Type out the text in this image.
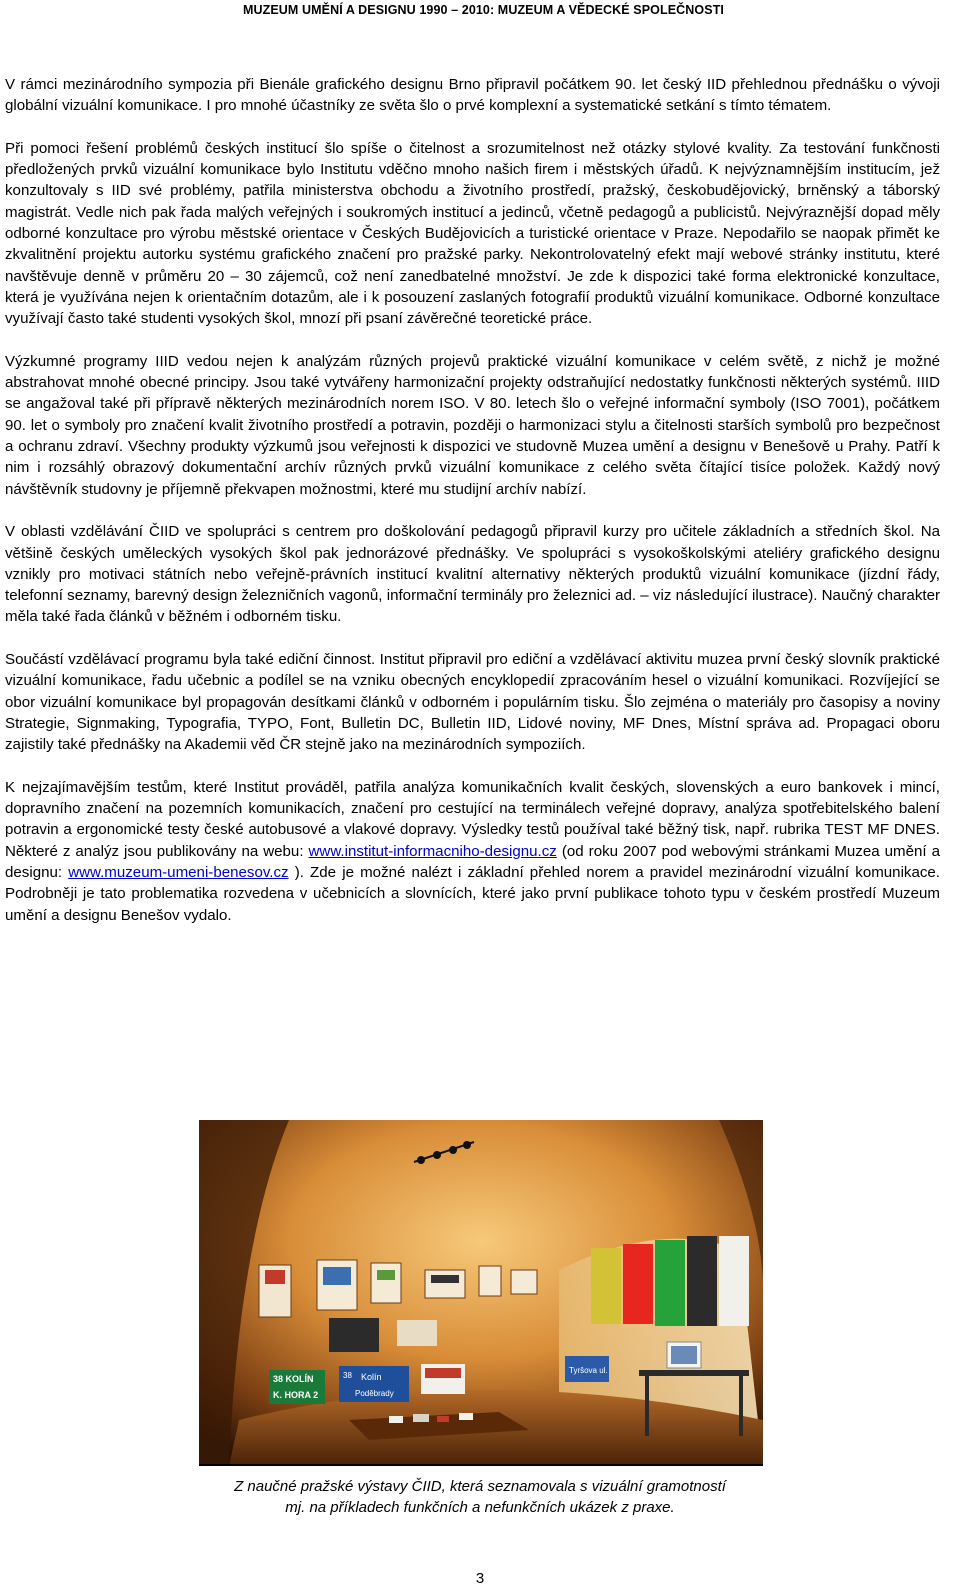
MUZEUM UMĚNÍ A DESIGNU 1990 – 2010: MUZEUM A VĚDECKÉ SPOLEČNOSTI

V rámci mezinárodního sympozia při Bienále grafického designu Brno připravil počátkem 90. let český IID přehlednou přednášku o vývoji globální vizuální komunikace. I pro mnohé účastníky ze světa šlo o prvé komplexní a systematické setkání s tímto tématem.

Při pomoci řešení problémů českých institucí šlo spíše o čitelnost a srozumitelnost než otázky stylové kvality. Za testování funkčnosti předložených prvků vizuální komunikace bylo Institutu vděčno mnoho našich firem i městských úřadů. K nejvýznamnějším institucím, jež konzultovaly s IID své problémy, patřila ministerstva obchodu a životního prostředí, pražský, českobudějovický, brněnský a táborský magistrát. Vedle nich pak řada malých veřejných i soukromých institucí a jedinců, včetně pedagogů a publicistů. Nejvýraznější dopad měly odborné konzultace pro výrobu městské orientace v Českých Budějovicích a turistické orientace v Praze. Nepodařilo se naopak přimět ke zkvalitnění projektu autorku systému grafického značení pro pražské parky. Nekontrolovatelný efekt mají webové stránky institutu, které navštěvuje denně v průměru 20 – 30 zájemců, což není zanedbatelné množství. Je zde k dispozici také forma elektronické konzultace, která je využívána nejen k orientačním dotazům, ale i k posouzení zaslaných fotografií produktů vizuální komunikace. Odborné konzultace využívají často také studenti vysokých škol, mnozí při psaní závěrečné teoretické práce.

Výzkumné programy IIID vedou nejen k analýzám různých projevů praktické vizuální komunikace v celém světě, z nichž je možné abstrahovat mnohé obecné principy. Jsou také vytvářeny harmonizační projekty odstraňující nedostatky funkčnosti některých systémů. IIID se angažoval také při přípravě některých mezinárodních norem ISO. V 80. letech šlo o veřejné informační symboly (ISO 7001), počátkem 90. let o symboly pro značení kvalit životního prostředí a potravin, později o harmonizaci stylu a čitelnosti starších symbolů pro bezpečnost a ochranu zdraví. Všechny produkty výzkumů jsou veřejnosti k dispozici ve studovně Muzea umění a designu v Benešově u Prahy. Patří k nim i rozsáhlý obrazový dokumentační archív různých prvků vizuální komunikace z celého světa čítající tisíce položek. Každý nový návštěvník studovny je příjemně překvapen možnostmi, které mu studijní archív nabízí.

V oblasti vzdělávání ČIID ve spolupráci s centrem pro doškolování pedagogů připravil kurzy pro učitele základních a středních škol. Na většině českých uměleckých vysokých škol pak jednorázové přednášky. Ve spolupráci s vysokoškolskými ateliéry grafického designu vznikly pro motivaci státních nebo veřejně-právních institucí kvalitní alternativy některých produktů vizuální komunikace (jízdní řády, telefonní seznamy, barevný design železničních vagonů, informační terminály pro železnici ad. – viz následující ilustrace). Naučný charakter měla také řada článků v běžném i odborném tisku.

Součástí vzdělávací programu byla také ediční činnost. Institut připravil pro ediční a vzdělávací aktivitu muzea první český slovník praktické vizuální komunikace, řadu učebnic a podílel se na vzniku obecných encyklopedií zpracováním hesel o vizuální komunikaci. Rozvíjející se obor vizuální komunikace byl propagován desítkami článků v odborném i populárním tisku. Šlo zejména o materiály pro časopisy a noviny Strategie, Signmaking, Typografia, TYPO, Font, Bulletin DC, Bulletin IID, Lidové noviny, MF Dnes, Místní správa ad. Propagaci oboru zajistily také přednášky na Akademii věd ČR stejně jako na mezinárodních sympoziích.

K nejzajímavějším testům, které Institut prováděl, patřila analýza komunikačních kvalit českých, slovenských a euro bankovek i mincí, dopravního značení na pozemních komunikacích, značení pro cestující na terminálech veřejné dopravy, analýza spotřebitelského balení potravin a ergonomické testy české autobusové a vlakové dopravy. Výsledky testů používal také běžný tisk, např. rubrika TEST MF DNES. Některé z analýz jsou publikovány na webu: www.institut-informacniho-designu.cz (od roku 2007 pod webovými stránkami Muzea umění a designu: www.muzeum-umeni-benesov.cz ). Zde je možné nalézt i základní přehled norem a pravidel mezinárodní vizuální komunikace. Podrobněji je tato problematika rozvedena v učebnicích a slovnících, které jako první publikace tohoto typu v českém prostředí Muzeum umění a designu Benešov vydalo.

38 KOLÍN
K. HORA 2
38 Kolín
Poděbrady
Tyršova ul.
Z naučné pražské výstavy ČIID, která seznamovala s vizuální gramotností
mj. na příkladech funkčních a nefunkčních ukázek z praxe.
3
